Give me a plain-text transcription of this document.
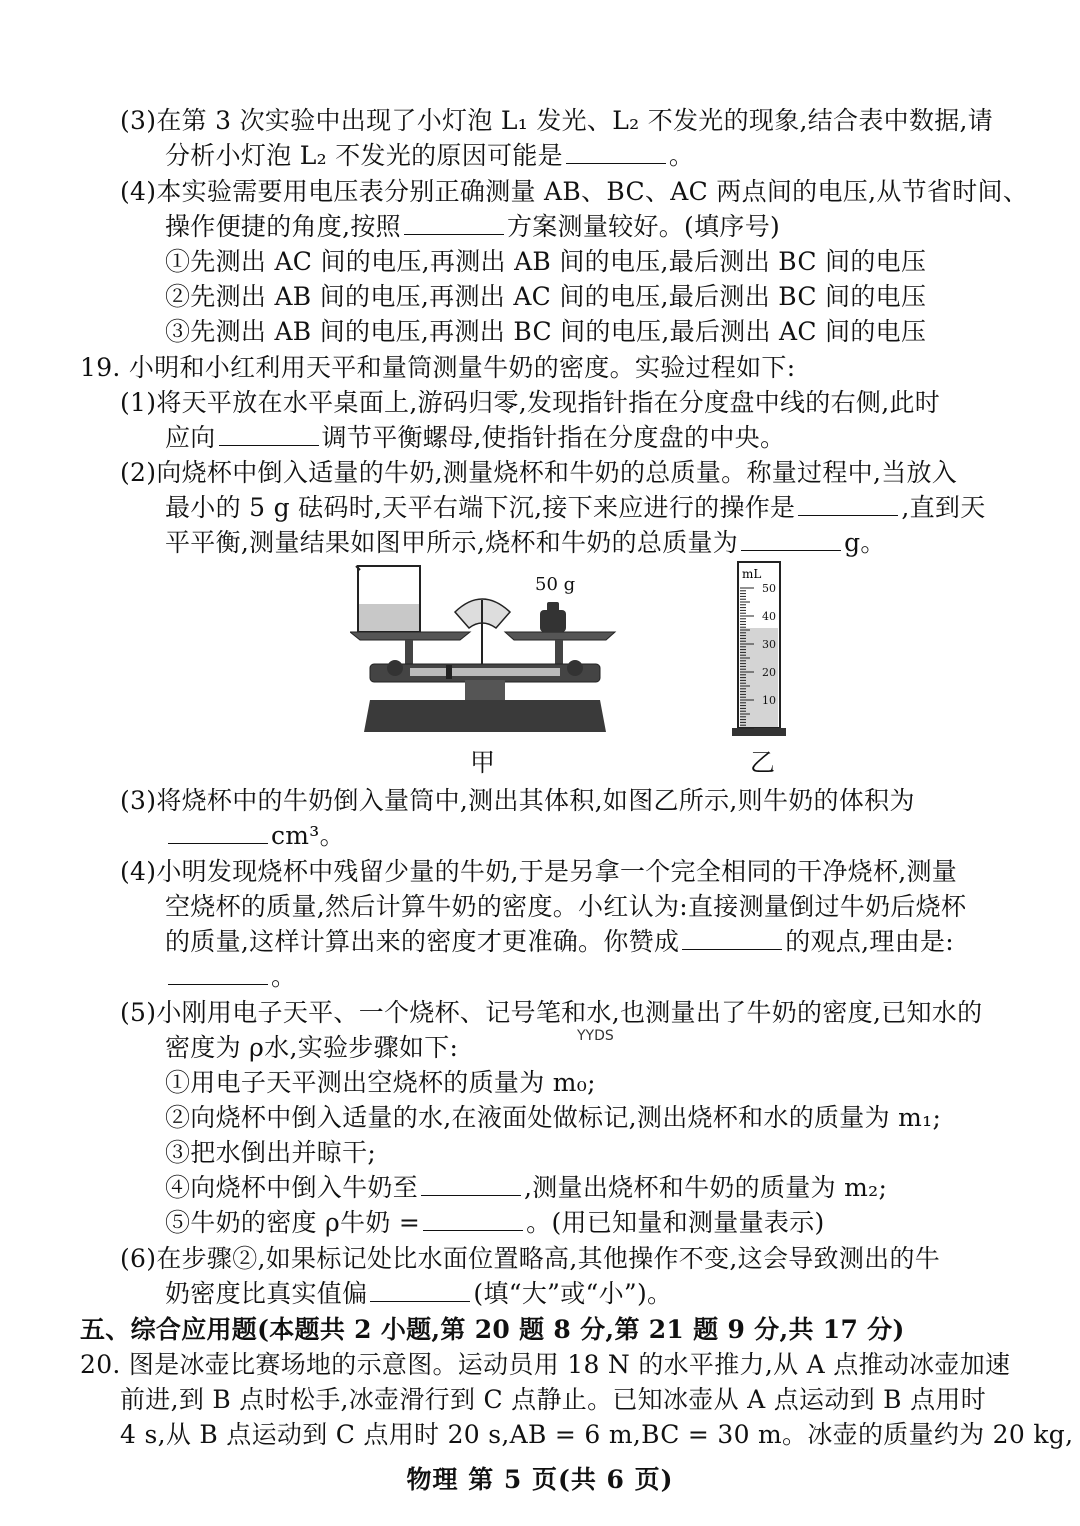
(3)在第 3 次实验中出现了小灯泡 L₁ 发光、L₂ 不发光的现象,结合表中数据,请
分析小灯泡 L₂ 不发光的原因可能是	。
(4)本实验需要用电压表分别正确测量 AB、BC、AC 两点间的电压,从节省时间、
操作便捷的角度,按照	方案测量较好。(填序号)
①先测出 AC 间的电压,再测出 AB 间的电压,最后测出 BC 间的电压
②先测出 AB 间的电压,再测出 AC 间的电压,最后测出 BC 间的电压
③先测出 AB 间的电压,再测出 BC 间的电压,最后测出 AC 间的电压
19. 小明和小红利用天平和量筒测量牛奶的密度。实验过程如下:
(1)将天平放在水平桌面上,游码归零,发现指针指在分度盘中线的右侧,此时
应向	调节平衡螺母,使指针指在分度盘的中央。
(2)向烧杯中倒入适量的牛奶,测量烧杯和牛奶的总质量。称量过程中,当放入
最小的 5 g 砝码时,天平右端下沉,接下来应进行的操作是	,直到天
平平衡,测量结果如图甲所示,烧杯和牛奶的总质量为	g。
50 g	mL
50
40
30
20
10
甲	乙
(3)将烧杯中的牛奶倒入量筒中,测出其体积,如图乙所示,则牛奶的体积为
cm³。
(4)小明发现烧杯中残留少量的牛奶,于是另拿一个完全相同的干净烧杯,测量
空烧杯的质量,然后计算牛奶的密度。小红认为:直接测量倒过牛奶后烧杯
的质量,这样计算出来的密度才更准确。你赞成	的观点,理由是:
。
(5)小刚用电子天平、一个烧杯、记号笔和水,也测量出了牛奶的密度,已知水的
密度为 ρ水,实验步骤如下:	YYDS
①用电子天平测出空烧杯的质量为 m₀;
②向烧杯中倒入适量的水,在液面处做标记,测出烧杯和水的质量为 m₁;
③把水倒出并晾干;
④向烧杯中倒入牛奶至	,测量出烧杯和牛奶的质量为 m₂;
⑤牛奶的密度 ρ牛奶 =	。(用已知量和测量量表示)
(6)在步骤②,如果标记处比水面位置略高,其他操作不变,这会导致测出的牛
奶密度比真实值偏	(填“大”或“小”)。
五、综合应用题(本题共 2 小题,第 20 题 8 分,第 21 题 9 分,共 17 分)
20. 图是冰壶比赛场地的示意图。运动员用 18 N 的水平推力,从 A 点推动冰壶加速
前进,到 B 点时松手,冰壶滑行到 C 点静止。已知冰壶从 A 点运动到 B 点用时
4 s,从 B 点运动到 C 点用时 20 s,AB = 6 m,BC = 30 m。冰壶的质量约为 20 kg,
物理 第 5 页(共 6 页)
